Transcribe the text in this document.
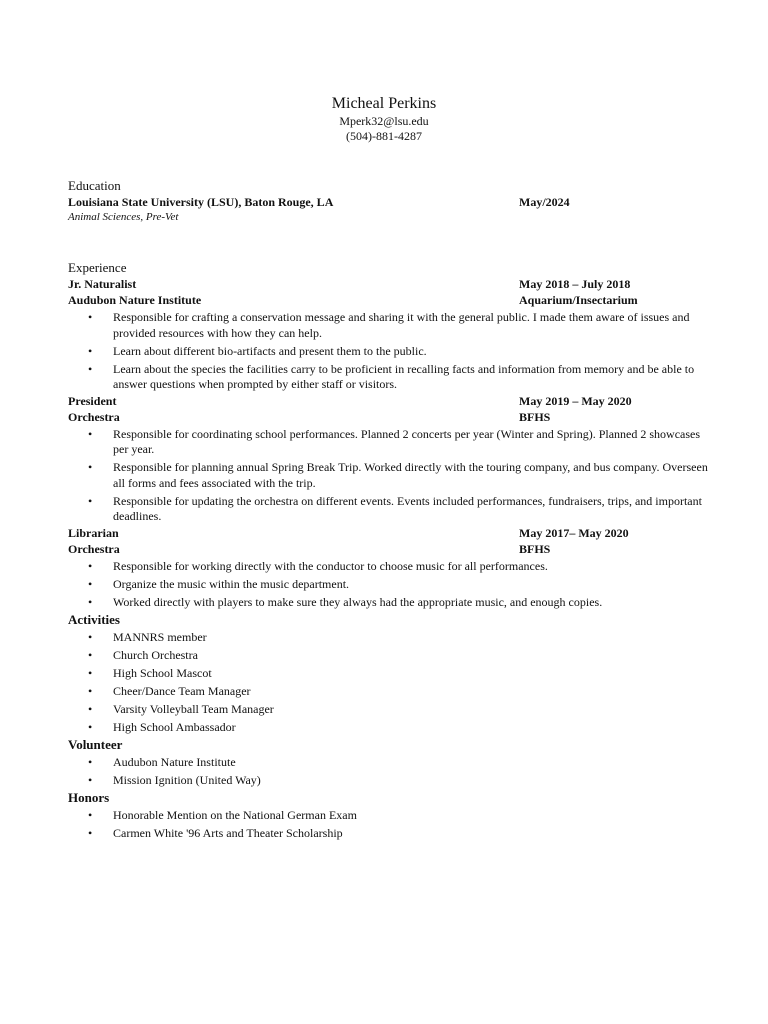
Micheal Perkins
Mperk32@lsu.edu
(504)-881-4287
Education
Louisiana State University (LSU), Baton Rouge, LA	May/2024
Animal Sciences, Pre-Vet
Experience
Jr. Naturalist	May 2018 – July 2018
Audubon Nature Institute	Aquarium/Insectarium
• Responsible for crafting a conservation message and sharing it with the general public. I made them aware of issues and provided resources with how they can help.
• Learn about different bio-artifacts and present them to the public.
• Learn about the species the facilities carry to be proficient in recalling facts and information from memory and be able to answer questions when prompted by either staff or visitors.
President	May 2019 – May 2020
Orchestra	BFHS
• Responsible for coordinating school performances. Planned 2 concerts per year (Winter and Spring). Planned 2 showcases per year.
• Responsible for planning annual Spring Break Trip. Worked directly with the touring company, and bus company. Overseen all forms and fees associated with the trip.
• Responsible for updating the orchestra on different events. Events included performances, fundraisers, trips, and important deadlines.
Librarian	May 2017– May 2020
Orchestra	BFHS
• Responsible for working directly with the conductor to choose music for all performances.
• Organize the music within the music department.
• Worked directly with players to make sure they always had the appropriate music, and enough copies.
Activities
• MANNRS member
• Church Orchestra
• High School Mascot
• Cheer/Dance Team Manager
• Varsity Volleyball Team Manager
• High School Ambassador
Volunteer
• Audubon Nature Institute
• Mission Ignition (United Way)
Honors
• Honorable Mention on the National German Exam
• Carmen White '96 Arts and Theater Scholarship
